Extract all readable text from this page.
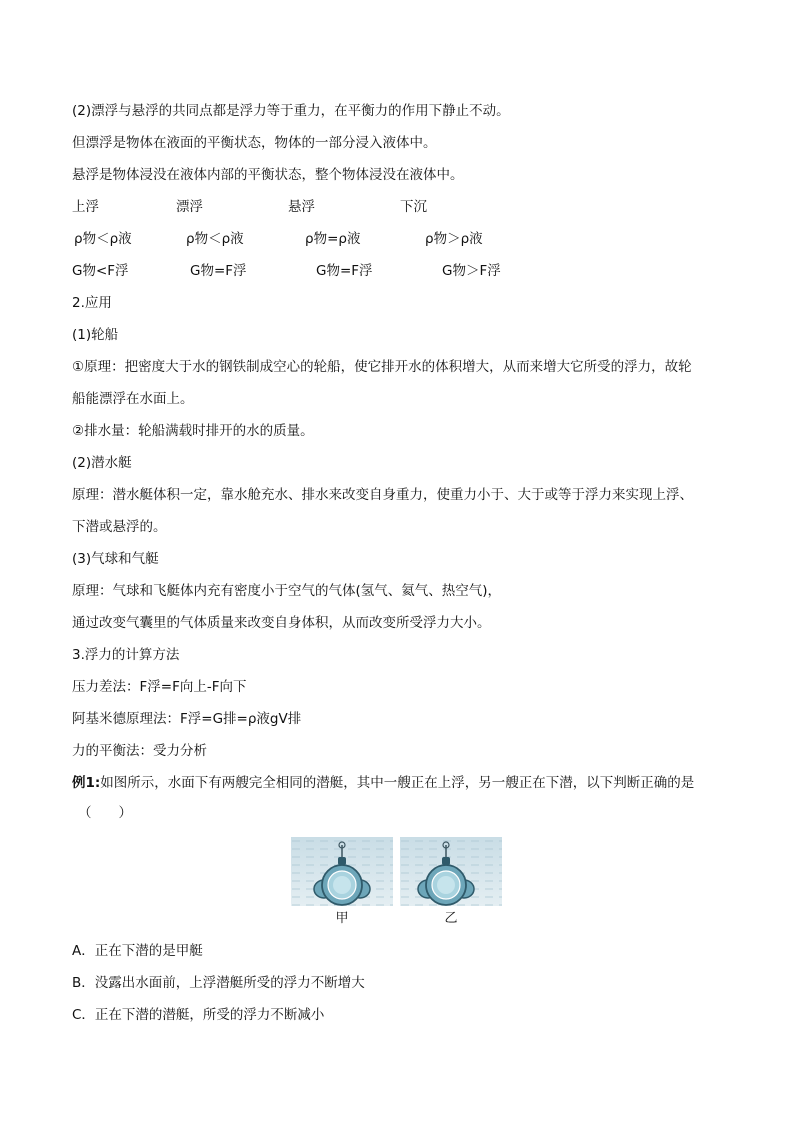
(2)漂浮与悬浮的共同点都是浮力等于重力，在平衡力的作用下静止不动。
但漂浮是物体在液面的平衡状态，物体的一部分浸入液体中。
悬浮是物体浸没在液体内部的平衡状态，整个物体浸没在液体中。
上浮	漂浮	悬浮	下沉
ρ物＜ρ液	ρ物＜ρ液	ρ物=ρ液	ρ物＞ρ液
G物<F浮	G物=F浮	G物=F浮	G物＞F浮
2.应用
(1)轮船
①原理：把密度大于水的钢铁制成空心的轮船，使它排开水的体积增大，从而来增大它所受的浮力，故轮
船能漂浮在水面上。
②排水量：轮船满载时排开的水的质量。
(2)潜水艇
原理：潜水艇体积一定，靠水舱充水、排水来改变自身重力，使重力小于、大于或等于浮力来实现上浮、
下潜或悬浮的。
(3)气球和气艇
原理：气球和飞艇体内充有密度小于空气的气体(氢气、氦气、热空气)，
通过改变气囊里的气体质量来改变自身体积，从而改变所受浮力大小。
3.浮力的计算方法
压力差法：F浮=F向上-F向下
阿基米德原理法：F浮=G排=ρ液gV排
力的平衡法：受力分析
例1:如图所示，水面下有两艘完全相同的潜艇，其中一艘正在上浮，另一艘正在下潜，以下判断正确的是
（　　）
甲	乙
A．正在下潜的是甲艇
B．没露出水面前，上浮潜艇所受的浮力不断增大
C．正在下潜的潜艇，所受的浮力不断减小
